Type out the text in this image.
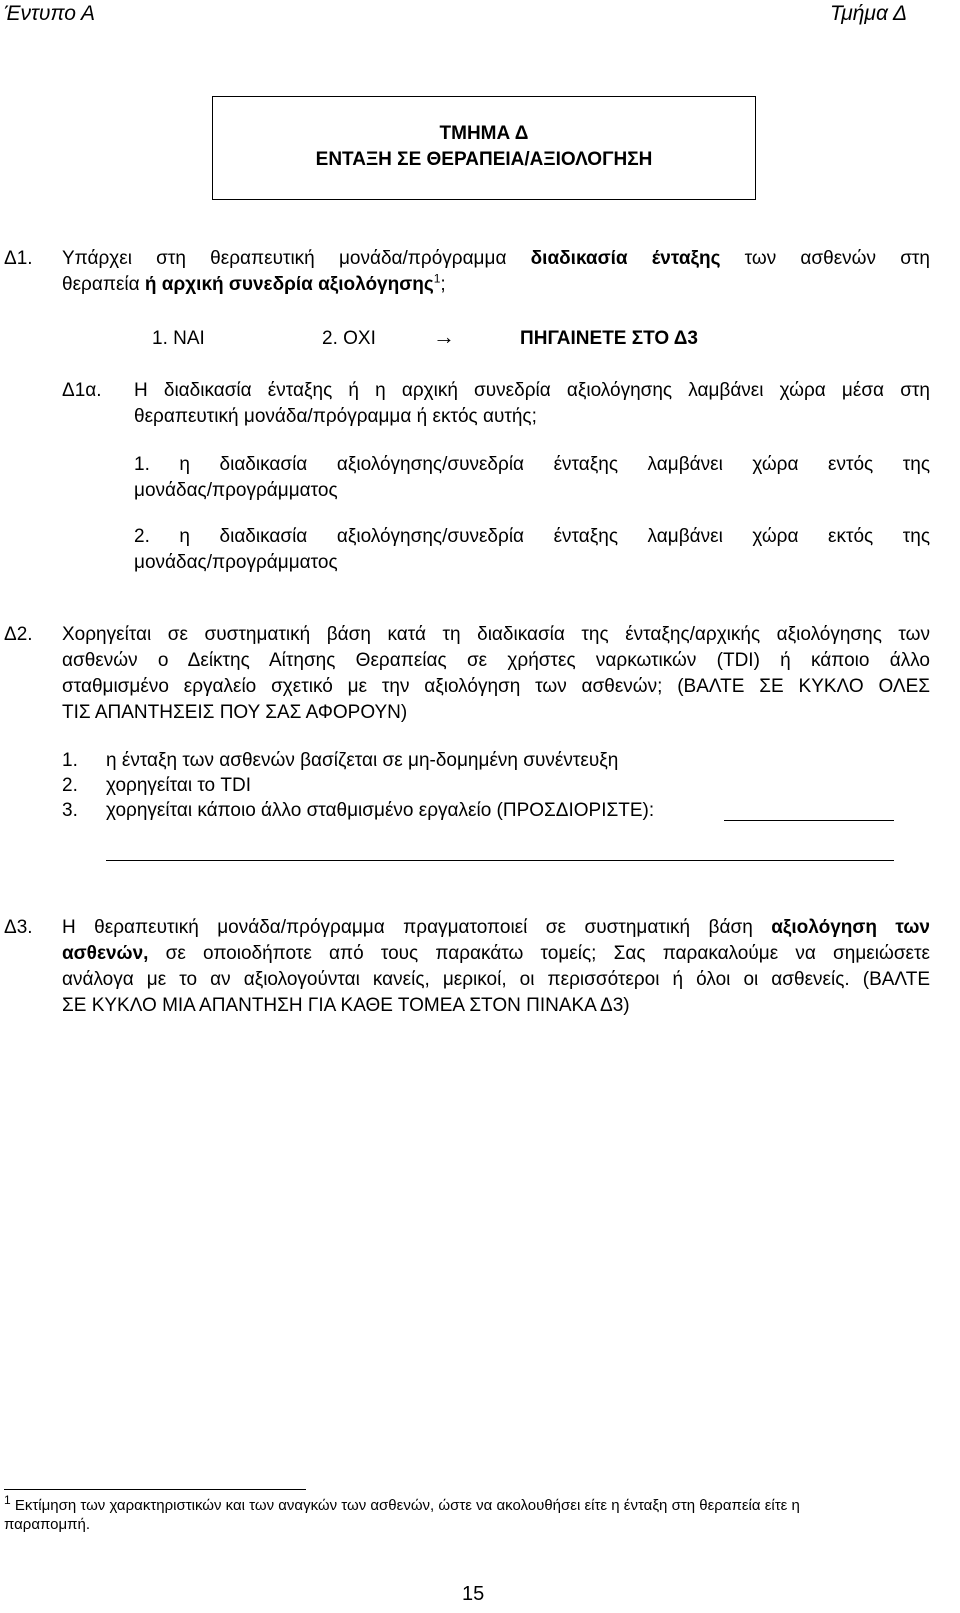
Έντυπο Α	Τμήμα Δ
ΤΜΗΜΑ Δ
ΕΝΤΑΞΗ ΣΕ ΘΕΡΑΠΕΙΑ/ΑΞΙΟΛΟΓΗΣΗ
Δ1. Υπάρχει στη θεραπευτική μονάδα/πρόγραμμα διαδικασία ένταξης των ασθενών στη
θεραπεία ή αρχική συνεδρία αξιολόγησης$^1$;
1. ΝΑΙ	2. ΟΧΙ	→	ΠΗΓΑΙΝΕΤΕ ΣΤΟ Δ3
Δ1α. Η διαδικασία ένταξης ή η αρχική συνεδρία αξιολόγησης λαμβάνει χώρα μέσα στη
θεραπευτική μονάδα/πρόγραμμα ή εκτός αυτής;
1. η διαδικασία αξιολόγησης/συνεδρία ένταξης λαμβάνει χώρα εντός της
μονάδας/προγράμματος
2. η διαδικασία αξιολόγησης/συνεδρία ένταξης λαμβάνει χώρα εκτός της
μονάδας/προγράμματος
Δ2. Χορηγείται σε συστηματική βάση κατά τη διαδικασία της ένταξης/αρχικής αξιολόγησης των
ασθενών ο Δείκτης Αίτησης Θεραπείας σε χρήστες ναρκωτικών (TDI) ή κάποιο άλλο
σταθμισμένο εργαλείο σχετικό με την αξιολόγηση των ασθενών; (ΒΑΛΤΕ ΣΕ ΚΥΚΛΟ ΟΛΕΣ
ΤΙΣ ΑΠΑΝΤΗΣΕΙΣ ΠΟΥ ΣΑΣ ΑΦΟΡΟΥΝ)
1. η ένταξη των ασθενών βασίζεται σε μη-δομημένη συνέντευξη
2. χορηγείται το TDI
3. χορηγείται κάποιο άλλο σταθμισμένο εργαλείο (ΠΡΟΣΔΙΟΡΙΣΤΕ):
Δ3. Η θεραπευτική μονάδα/πρόγραμμα πραγματοποιεί σε συστηματική βάση αξιολόγηση των
ασθενών, σε οποιοδήποτε από τους παρακάτω τομείς; Σας παρακαλούμε να σημειώσετε
ανάλογα με το αν αξιολογούνται κανείς, μερικοί, οι περισσότεροι ή όλοι οι ασθενείς. (ΒΑΛΤΕ
ΣΕ ΚΥΚΛΟ ΜΙΑ ΑΠΑΝΤΗΣΗ ΓΙΑ ΚΑΘΕ ΤΟΜΕΑ ΣΤΟΝ ΠΙΝΑΚΑ Δ3)
$^1$ Εκτίμηση των χαρακτηριστικών και των αναγκών των ασθενών, ώστε να ακολουθήσει είτε η ένταξη στη θεραπεία είτε η
παραπομπή.
15
